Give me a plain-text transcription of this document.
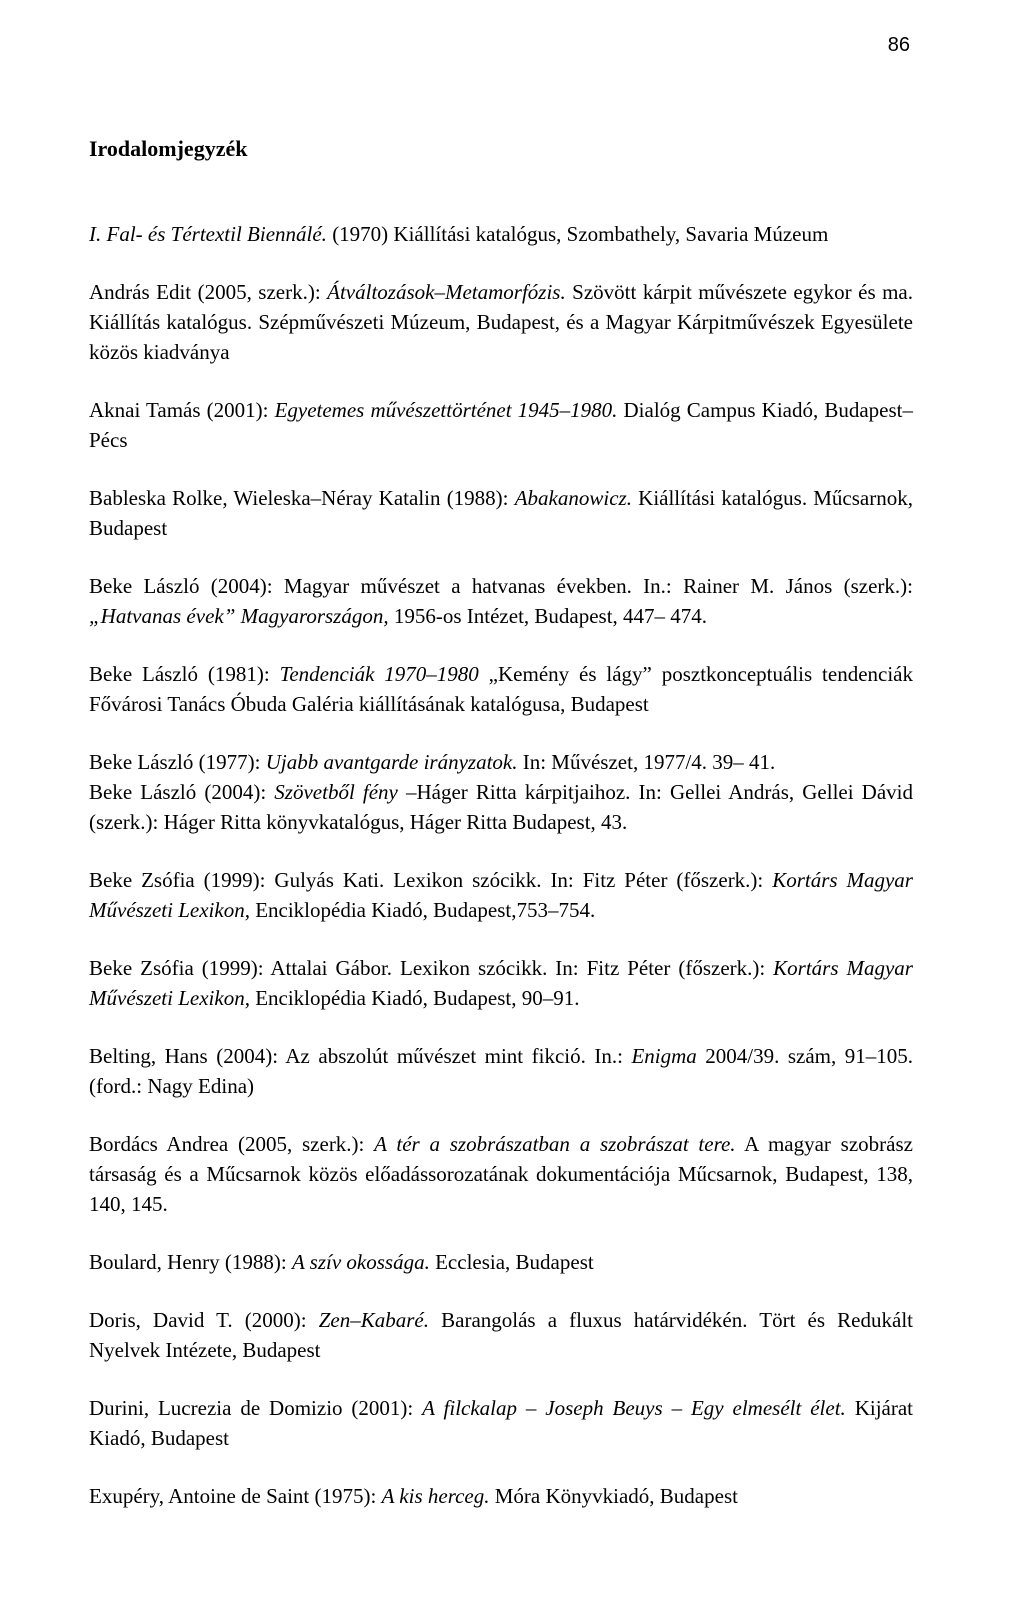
86
Irodalomjegyzék
I. Fal- és Tértextil Biennálé. (1970) Kiállítási katalógus, Szombathely, Savaria Múzeum
András Edit (2005, szerk.): Átváltozások–Metamorfózis. Szövött kárpit művészete egykor és ma. Kiállítás katalógus. Szépművészeti Múzeum, Budapest, és a Magyar Kárpitművészek Egyesülete közös kiadványa
Aknai Tamás (2001): Egyetemes művészettörténet 1945–1980. Dialóg Campus Kiadó, Budapest– Pécs
Bableska Rolke, Wieleska–Néray Katalin (1988): Abakanowicz. Kiállítási katalógus. Műcsarnok, Budapest
Beke László (2004): Magyar művészet a hatvanas években. In.: Rainer M. János (szerk.): „Hatvanas évek” Magyarországon, 1956-os Intézet, Budapest, 447– 474.
Beke László (1981): Tendenciák 1970–1980 „Kemény és lágy” posztkonceptuális tendenciák Fővárosi Tanács Óbuda Galéria kiállításának katalógusa, Budapest
Beke László (1977): Ujabb avantgarde irányzatok. In: Művészet, 1977/4. 39– 41.
Beke László (2004): Szövetből fény –Háger Ritta kárpitjaihoz. In: Gellei András, Gellei Dávid (szerk.): Háger Ritta könyvkatalógus, Háger Ritta Budapest, 43.
Beke Zsófia (1999): Gulyás Kati. Lexikon szócikk. In: Fitz Péter (főszerk.): Kortárs Magyar Művészeti Lexikon, Enciklopédia Kiadó, Budapest,753–754.
Beke Zsófia (1999): Attalai Gábor. Lexikon szócikk. In: Fitz Péter (főszerk.): Kortárs Magyar Művészeti Lexikon, Enciklopédia Kiadó, Budapest, 90–91.
Belting, Hans (2004): Az abszolút művészet mint fikció. In.: Enigma 2004/39. szám, 91–105. (ford.: Nagy Edina)
Bordács Andrea (2005, szerk.): A tér a szobrászatban a szobrászat tere. A magyar szobrász társaság és a Műcsarnok közös előadássorozatának dokumentációja Műcsarnok, Budapest, 138, 140, 145.
Boulard, Henry (1988): A szív okossága. Ecclesia, Budapest
Doris, David T. (2000): Zen–Kabaré. Barangolás a fluxus határvidékén. Tört és Redukált Nyelvek Intézete, Budapest
Durini, Lucrezia de Domizio (2001): A filckalap – Joseph Beuys – Egy elmesélt élet. Kijárat Kiadó, Budapest
Exupéry, Antoine de Saint (1975): A kis herceg. Móra Könyvkiadó, Budapest
